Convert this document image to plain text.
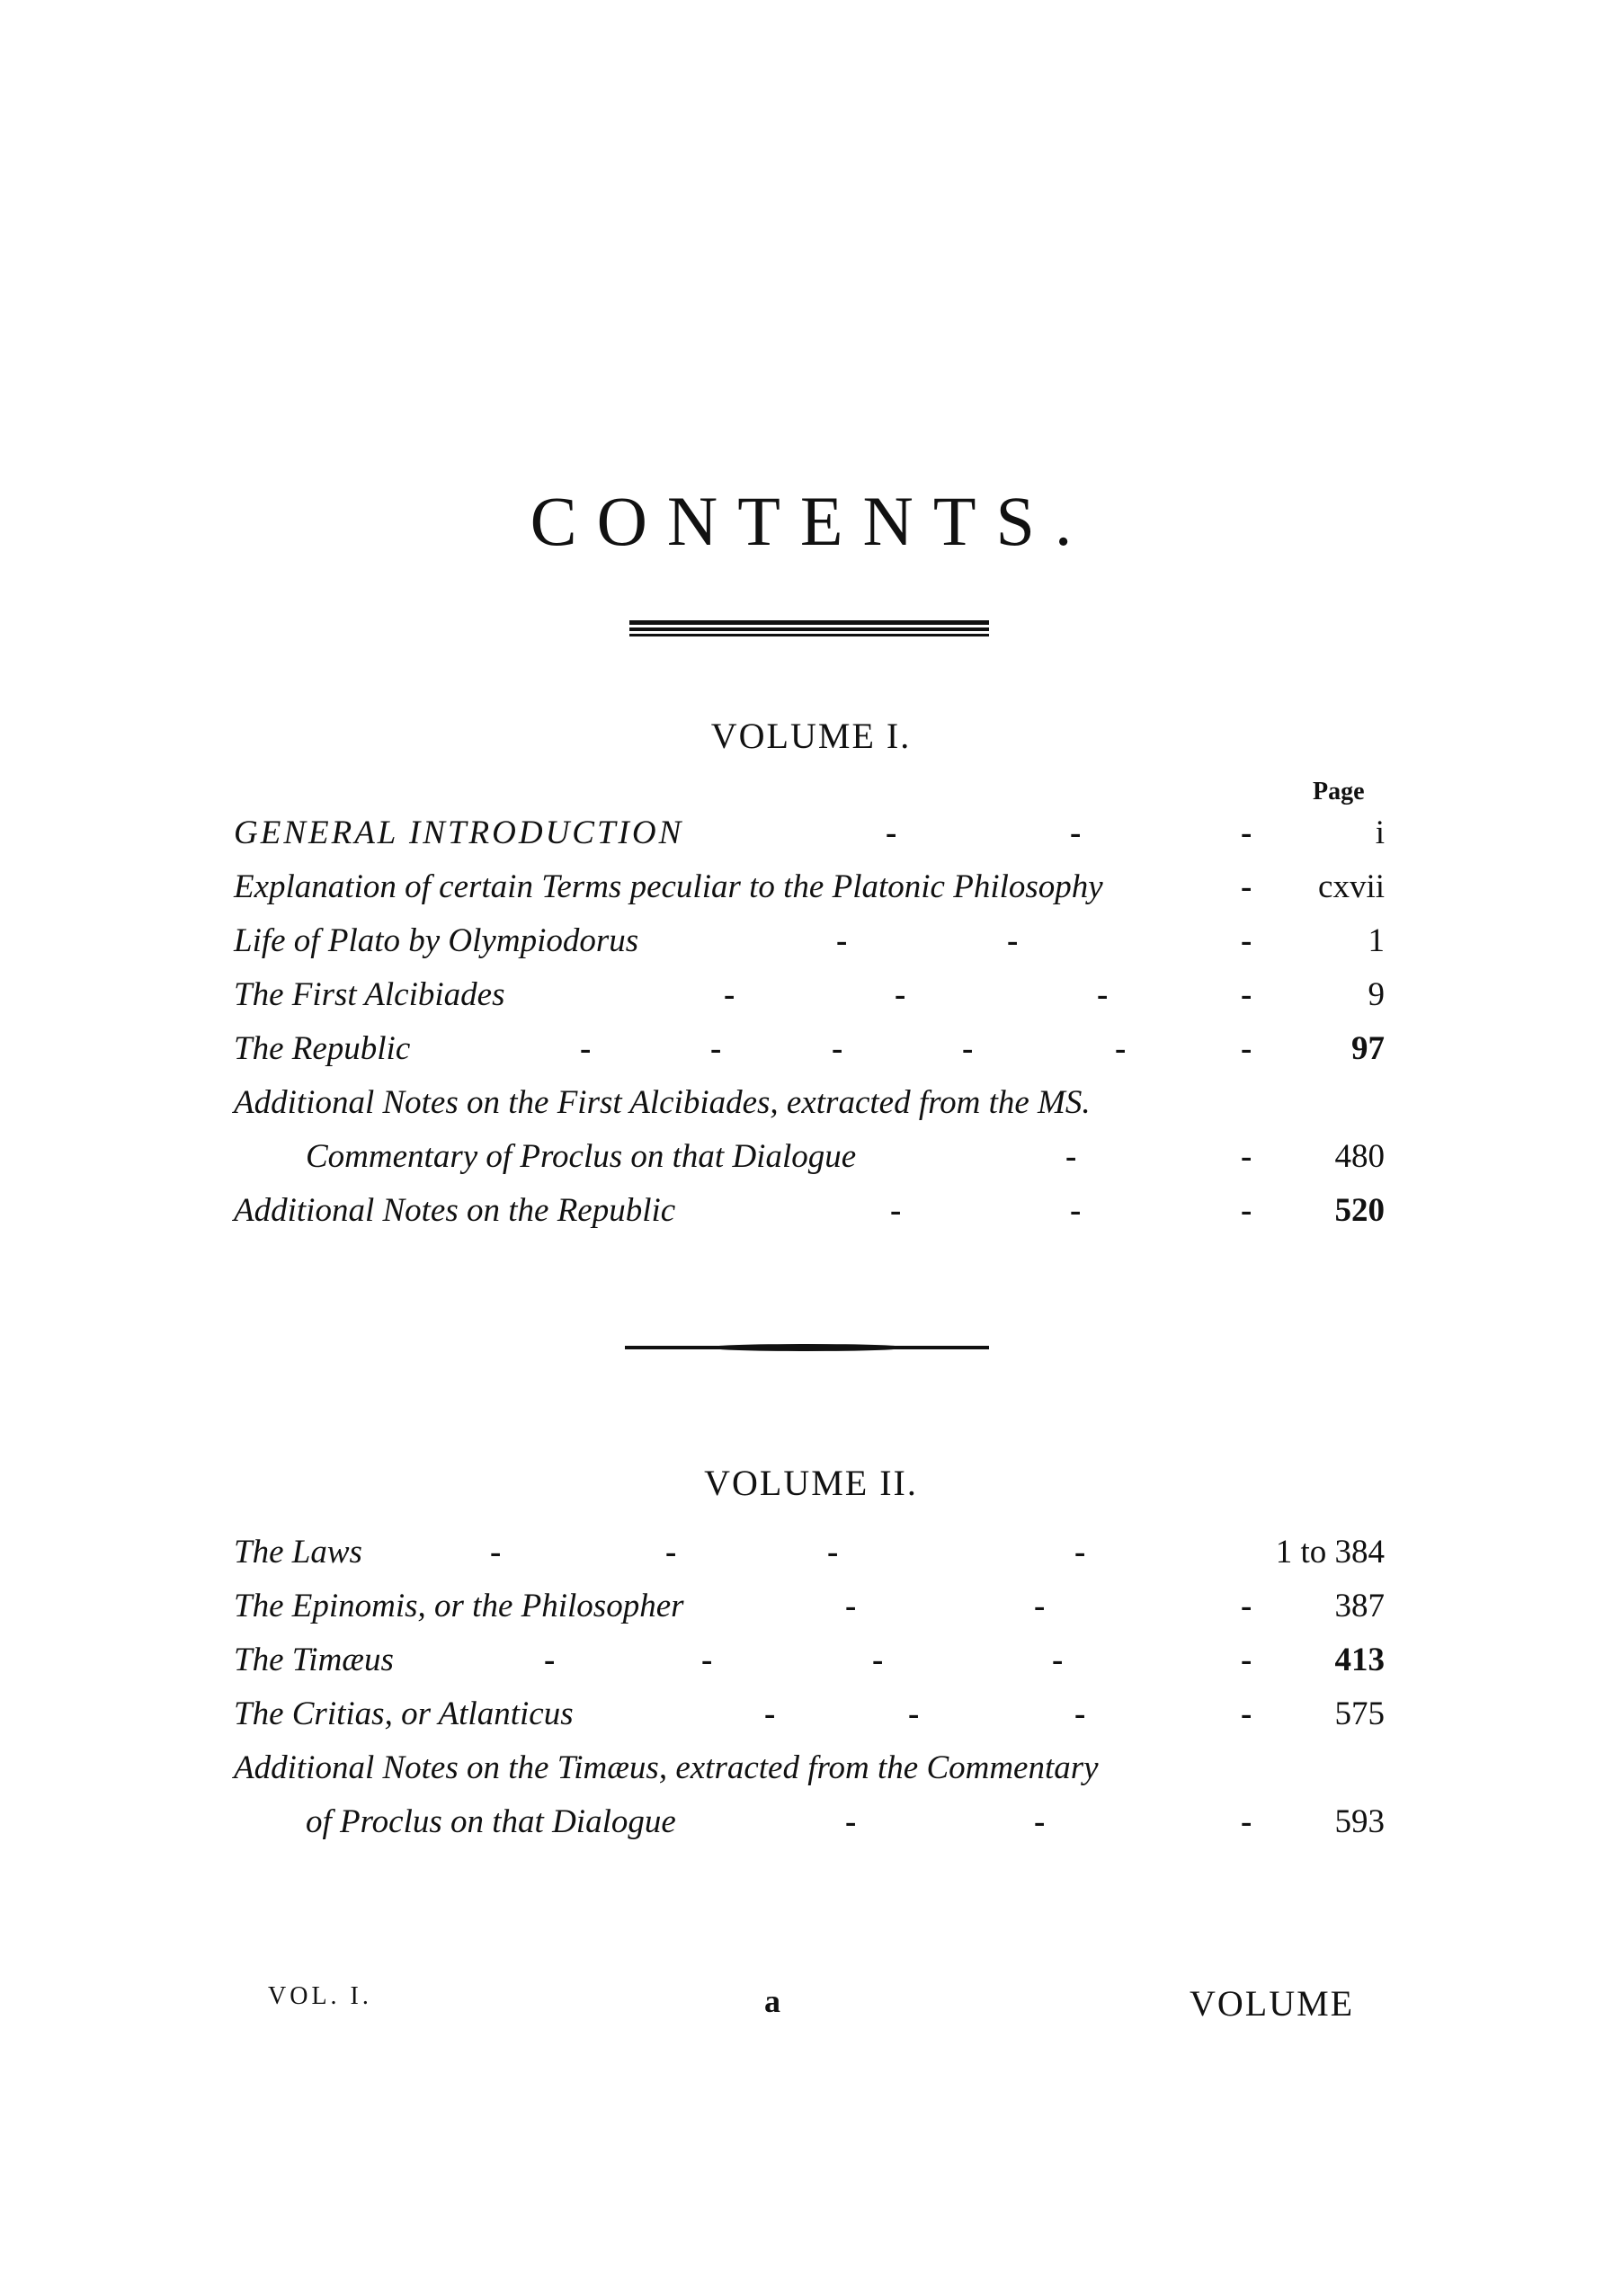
CONTENTS.
VOLUME I.
Page
GENERAL INTRODUCTION	-	-	-	i
Explanation of certain Terms peculiar to the Platonic Philosophy	- cxvii
Life of Plato by Olympiodorus	-	-	-	1
The First Alcibiades	-	-	-	-	9
The Republic	-	-	-	-	-	-	97
Additional Notes on the First Alcibiades, extracted from the MS.
Commentary of Proclus on that Dialogue	-	- 480
Additional Notes on the Republic	-	-	- 520
VOLUME II.
The Laws	-	-	-	-	1 to 384
The Epinomis, or the Philosopher	-	-	- 387
The Timæus	-	-	-	-	- 413
The Critias, or Atlanticus	-	-	-	- 575
Additional Notes on the Timæus, extracted from the Commentary
of Proclus on that Dialogue	-	-	- 593
VOL. I.	a	VOLUME
